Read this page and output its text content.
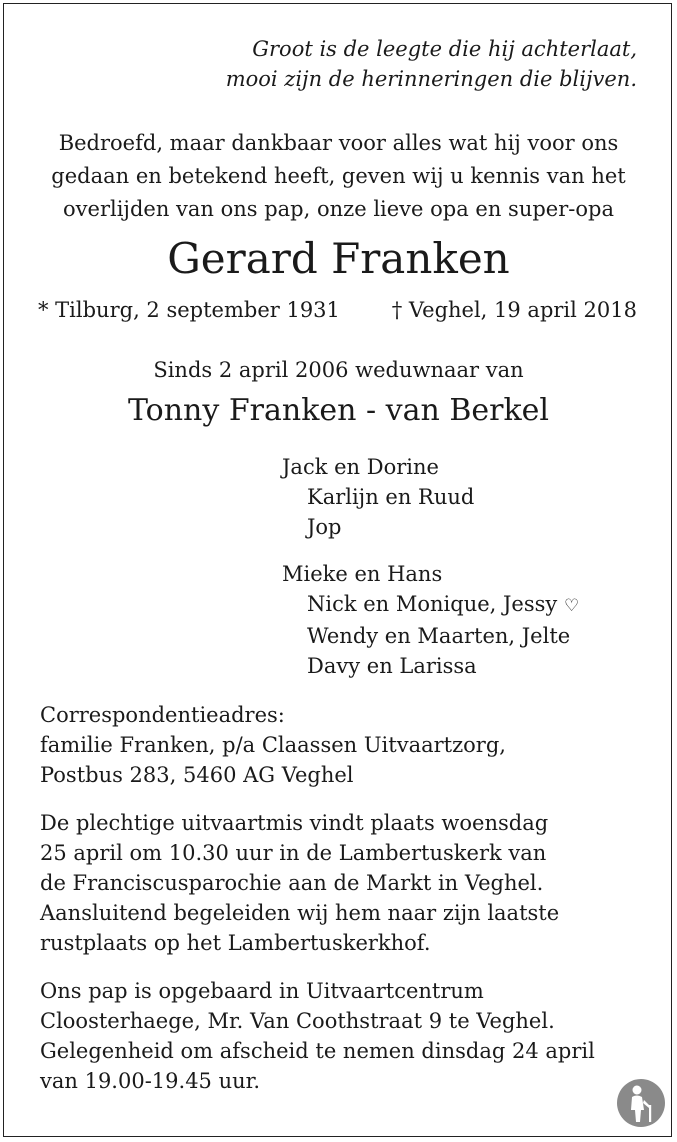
Groot is de leegte die hij achterlaat,
mooi zijn de herinneringen die blijven.
Bedroefd, maar dankbaar voor alles wat hij voor ons
gedaan en betekend heeft, geven wij u kennis van het
overlijden van ons pap, onze lieve opa en super-opa
Gerard Franken
* Tilburg, 2 september 1931 † Veghel, 19 april 2018
Sinds 2 april 2006 weduwnaar van
Tonny Franken - van Berkel
Jack en Dorine
Karlijn en Ruud
Jop
Mieke en Hans
Nick en Monique, Jessy ♡
Wendy en Maarten, Jelte
Davy en Larissa
Correspondentieadres:
familie Franken, p/a Claassen Uitvaartzorg,
Postbus 283, 5460 AG Veghel
De plechtige uitvaartmis vindt plaats woensdag
25 april om 10.30 uur in de Lambertuskerk van
de Franciscusparochie aan de Markt in Veghel.
Aansluitend begeleiden wij hem naar zijn laatste
rustplaats op het Lambertuskerkhof.
Ons pap is opgebaard in Uitvaartcentrum
Cloosterhaege, Mr. Van Coothstraat 9 te Veghel.
Gelegenheid om afscheid te nemen dinsdag 24 april
van 19.00-19.45 uur.
